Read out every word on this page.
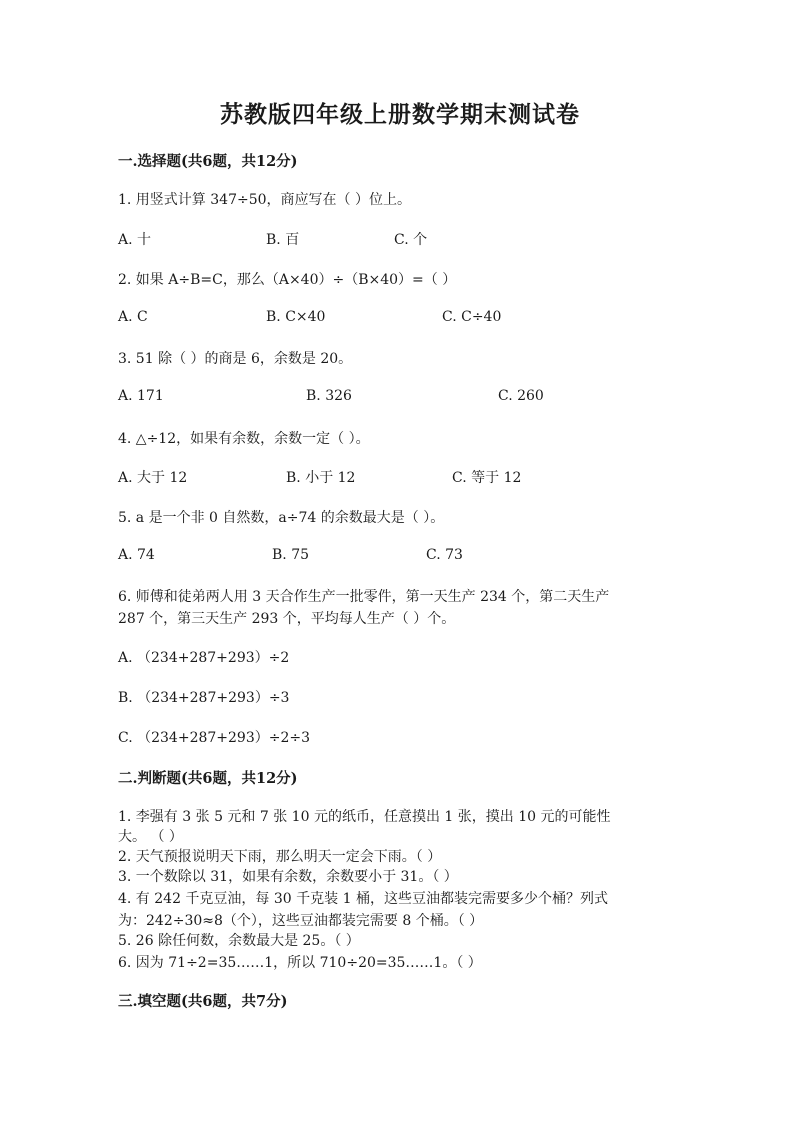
苏教版四年级上册数学期末测试卷
一.选择题(共6题，共12分)
1. 用竖式计算 347÷50，商应写在（ ）位上。
A. 十	B. 百	C. 个
2. 如果 A÷B=C，那么（A×40）÷（B×40）=（ ）
A. C	B. C×40	C. C÷40
3. 51 除（ ）的商是 6，余数是 20。
A. 171	B. 326	C. 260
4. △÷12，如果有余数，余数一定（ ）。
A. 大于 12	B. 小于 12	C. 等于 12
5. a 是一个非 0 自然数，a÷74 的余数最大是（ ）。
A. 74	B. 75	C. 73
6. 师傅和徒弟两人用 3 天合作生产一批零件，第一天生产 234 个，第二天生产
287 个，第三天生产 293 个，平均每人生产（ ）个。
A. （234+287+293）÷2
B. （234+287+293）÷3
C. （234+287+293）÷2÷3
二.判断题(共6题，共12分)
1. 李强有 3 张 5 元和 7 张 10 元的纸币，任意摸出 1 张，摸出 10 元的可能性
大。 （ ）
2. 天气预报说明天下雨，那么明天一定会下雨。（ ）
3. 一个数除以 31，如果有余数，余数要小于 31。（ ）
4. 有 242 千克豆油，每 30 千克装 1 桶，这些豆油都装完需要多少个桶？列式
为：242÷30≈8（个），这些豆油都装完需要 8 个桶。（ ）
5. 26 除任何数，余数最大是 25。（ ）
6. 因为 71÷2=35……1，所以 710÷20=35……1。（ ）
三.填空题(共6题，共7分)
